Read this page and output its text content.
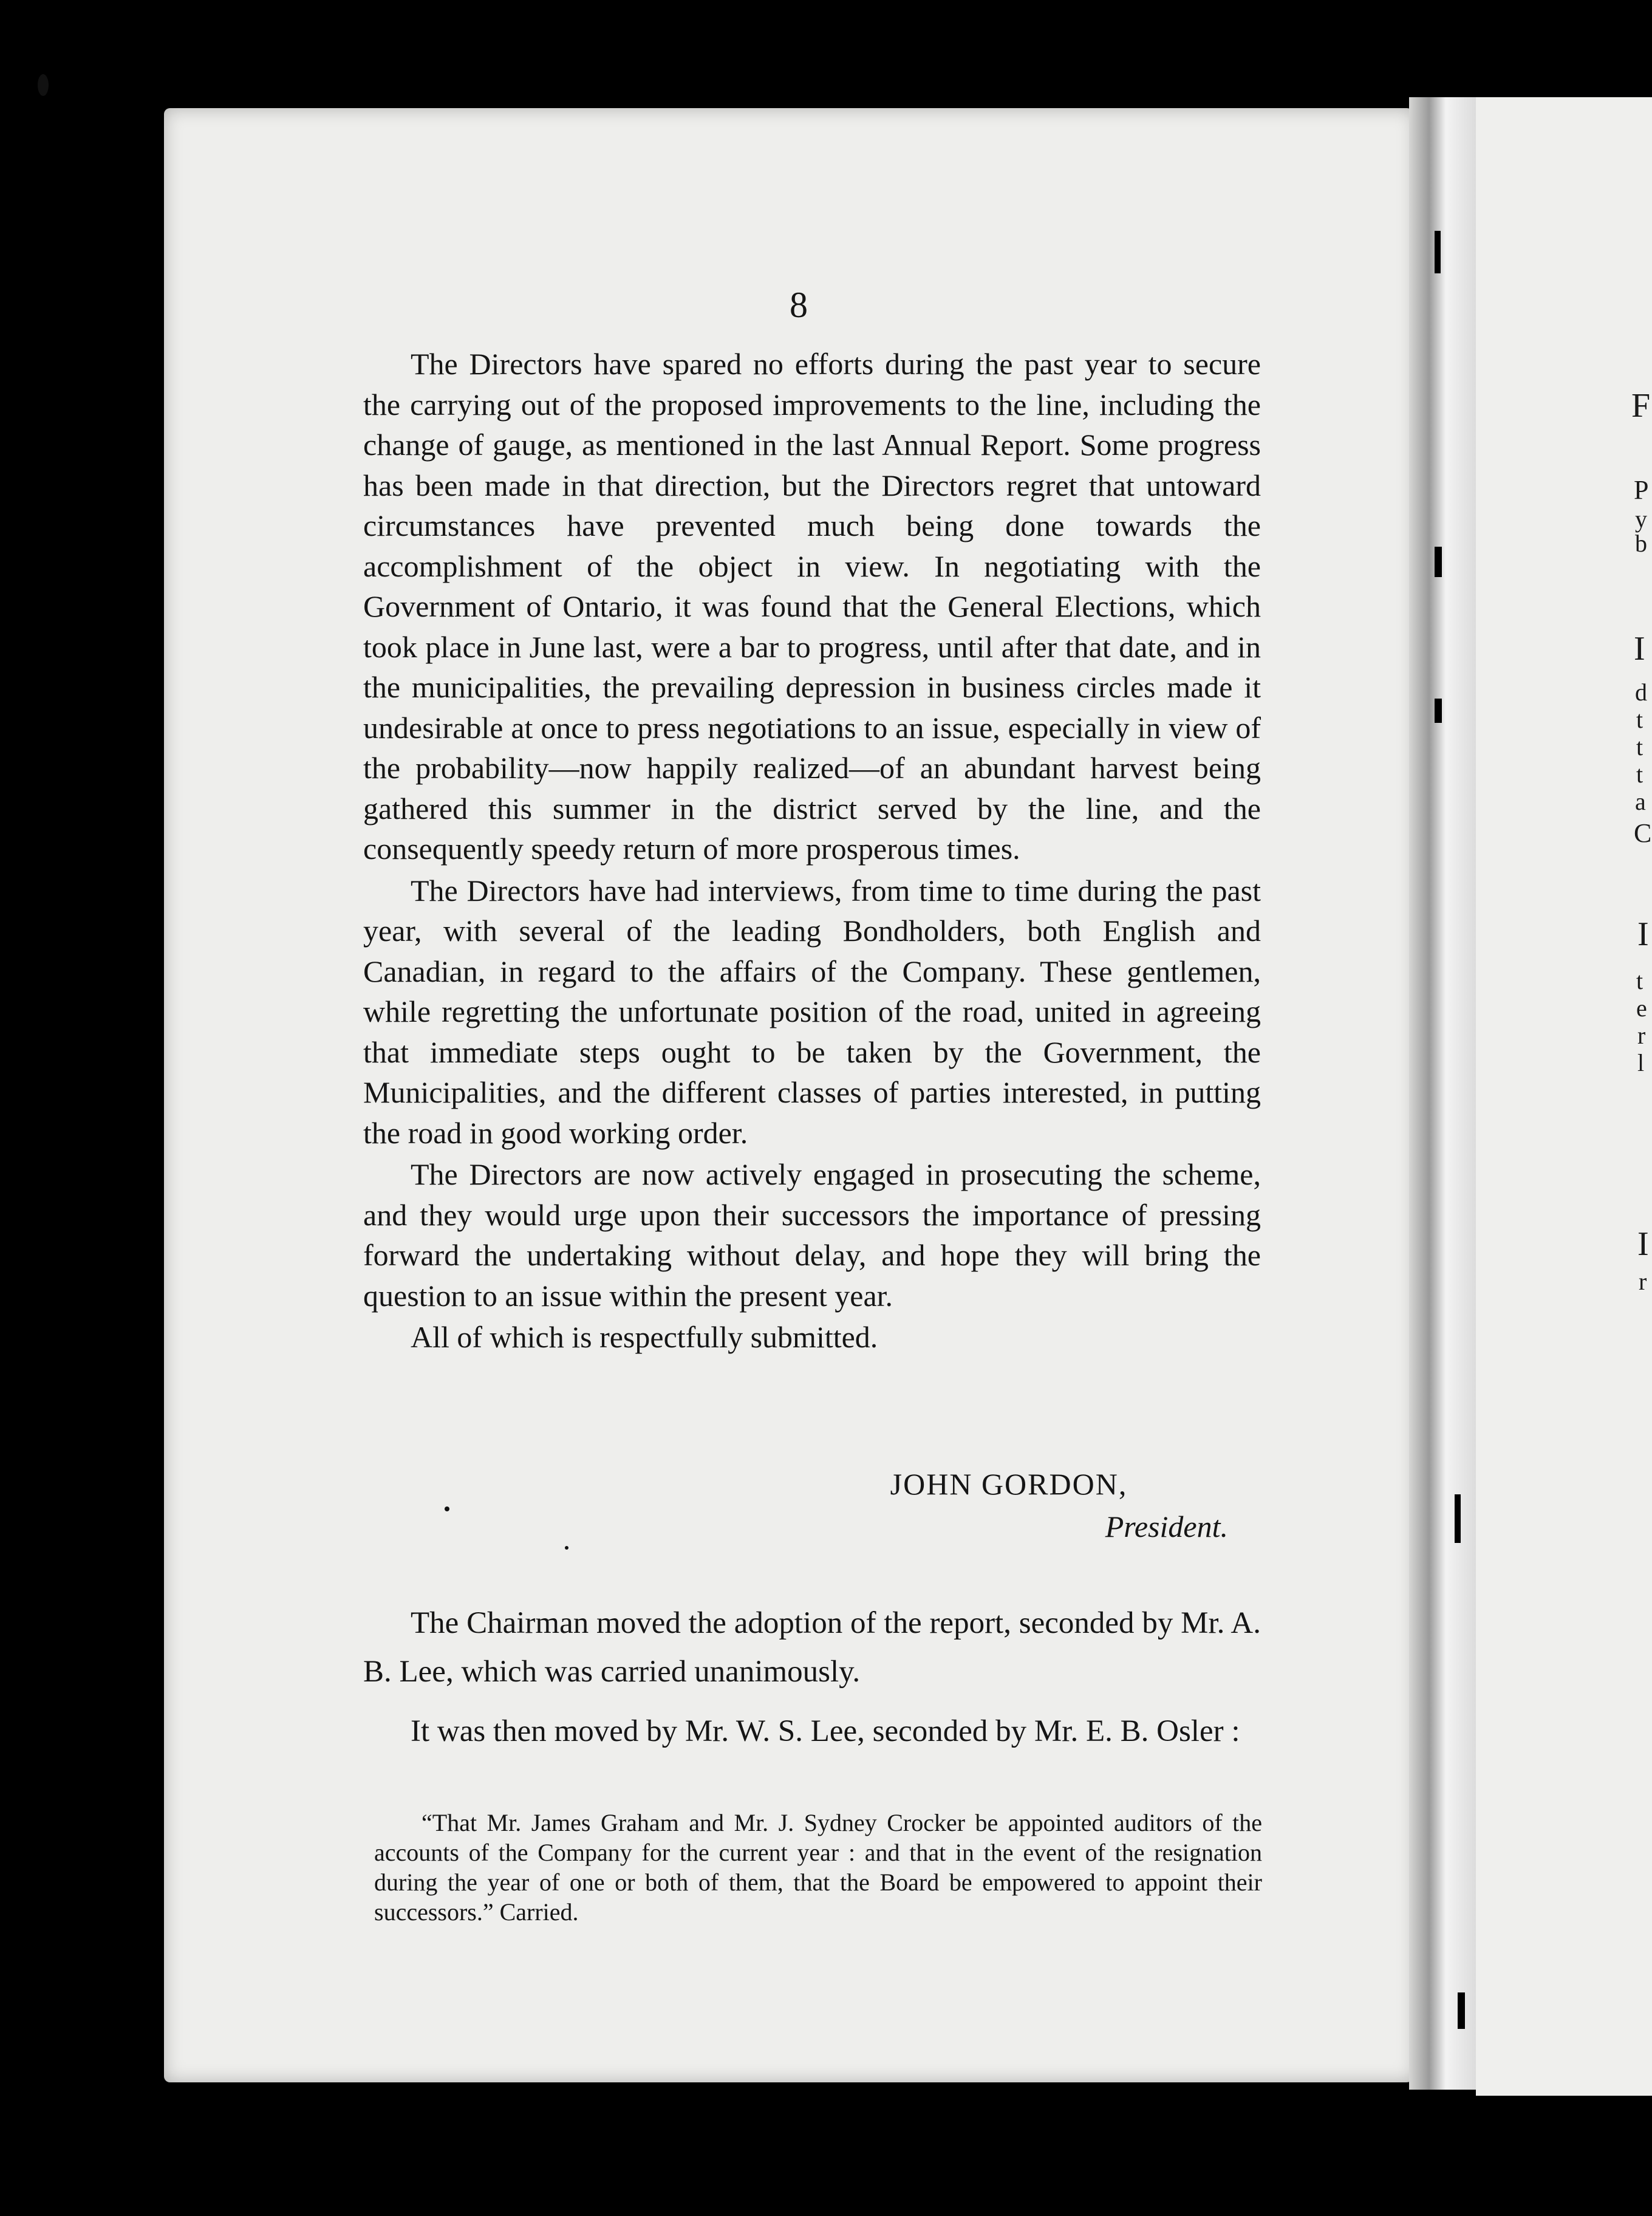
F
P
y
b
I
d
t
t
t
a
C
I
t
e
r
l
I
r
8

The Directors have spared no efforts during the past year to secure the carrying out of the proposed improvements to the line, including the change of gauge, as mentioned in the last Annual Report. Some progress has been made in that direction, but the Directors regret that untoward circumstances have prevented much being done towards the accomplishment of the object in view. In negotiating with the Government of Ontario, it was found that the General Elections, which took place in June last, were a bar to progress, until after that date, and in the municipalities, the prevailing depression in business circles made it undesirable at once to press negotiations to an issue, especially in view of the probability—now happily realized—of an abundant harvest being gathered this summer in the district served by the line, and the consequently speedy return of more prosperous times.

The Directors have had interviews, from time to time during the past year, with several of the leading Bondholders, both English and Canadian, in regard to the affairs of the Company. These gentlemen, while regretting the unfortunate position of the road, united in agreeing that immediate steps ought to be taken by the Government, the Municipalities, and the different classes of parties interested, in putting the road in good working order.

The Directors are now actively engaged in prosecuting the scheme, and they would urge upon their successors the importance of pressing forward the undertaking without delay, and hope they will bring the question to an issue within the present year.

All of which is respectfully submitted.

JOHN GORDON,
President.

The Chairman moved the adoption of the report, seconded by Mr. A. B. Lee, which was carried unanimously.

It was then moved by Mr. W. S. Lee, seconded by Mr. E. B. Osler :

“That Mr. James Graham and Mr. J. Sydney Crocker be appointed auditors of the accounts of the Company for the current year : and that in the event of the resignation during the year of one or both of them, that the Board be empowered to appoint their successors.” Carried.
